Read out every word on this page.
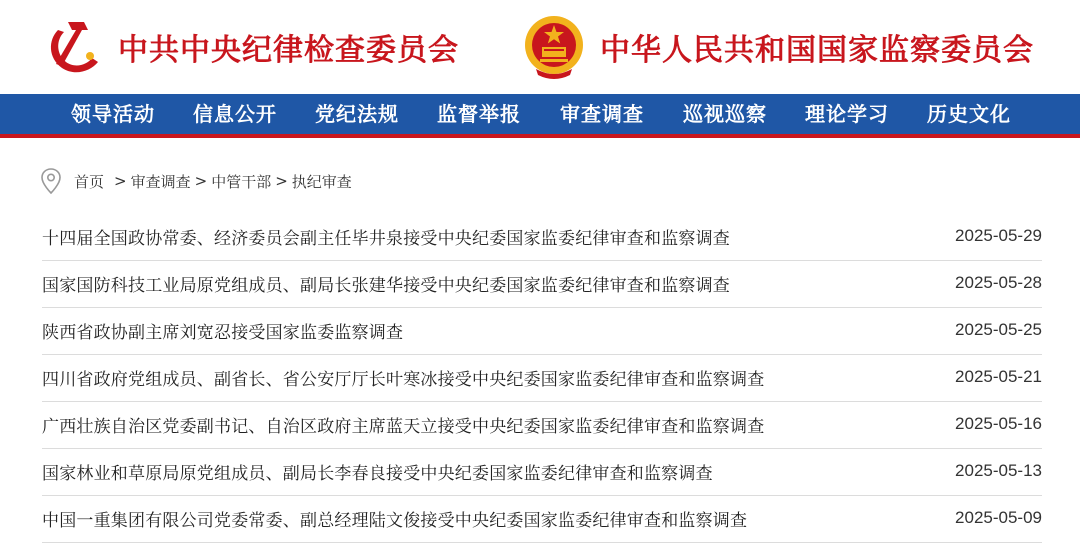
中共中央纪律检查委员会	中华人民共和国国家监察委员会
领导活动 信息公开 党纪法规 监督举报 审查调查 巡视巡察 理论学习 历史文化
首页 > 审查调查 > 中管干部 > 执纪审查
十四届全国政协常委、经济委员会副主任毕井泉接受中央纪委国家监委纪律审查和监察调查	2025-05-29
国家国防科技工业局原党组成员、副局长张建华接受中央纪委国家监委纪律审查和监察调查	2025-05-28
陕西省政协副主席刘宽忍接受国家监委监察调查	2025-05-25
四川省政府党组成员、副省长、省公安厅厅长叶寒冰接受中央纪委国家监委纪律审查和监察调查	2025-05-21
广西壮族自治区党委副书记、自治区政府主席蓝天立接受中央纪委国家监委纪律审查和监察调查	2025-05-16
国家林业和草原局原党组成员、副局长李春良接受中央纪委国家监委纪律审查和监察调查	2025-05-13
中国一重集团有限公司党委常委、副总经理陆文俊接受中央纪委国家监委纪律审查和监察调查	2025-05-09
